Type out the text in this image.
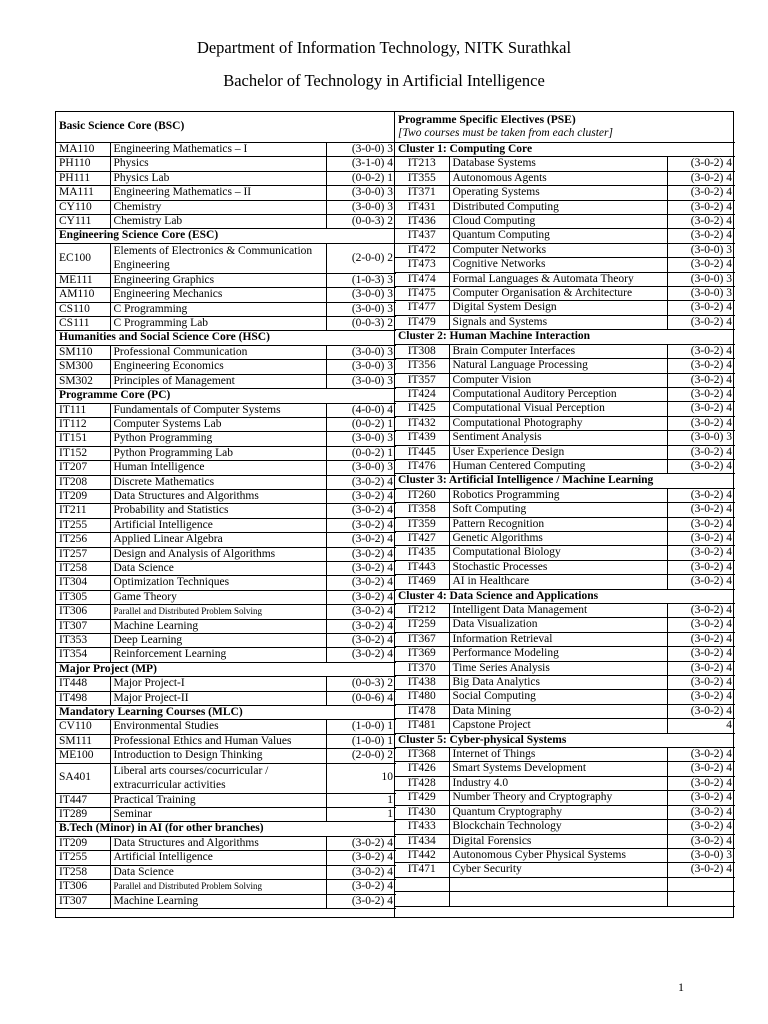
Department of Information Technology, NITK Surathkal
Bachelor of Technology in Artificial Intelligence
Basic Science Core (BSC)		
MA110	Engineering Mathematics – I	(3-0-0) 3
PH110	Physics	(3-1-0) 4
PH111	Physics Lab	(0-0-2) 1
MA111	Engineering Mathematics – II	(3-0-0) 3
CY110	Chemistry	(3-0-0) 3
CY111	Chemistry Lab	(0-0-3) 2
Engineering Science Core (ESC)		
EC100	Elements of Electronics & Communication Engineering	(2-0-0) 2
ME111	Engineering Graphics	(1-0-3) 3
AM110	Engineering Mechanics	(3-0-0) 3
CS110	C Programming	(3-0-0) 3
CS111	C Programming Lab	(0-0-3) 2
Humanities and Social Science Core (HSC)		
SM110	Professional Communication	(3-0-0) 3
SM300	Engineering Economics	(3-0-0) 3
SM302	Principles of Management	(3-0-0) 3
Programme Core (PC)		
IT111	Fundamentals of Computer Systems	(4-0-0) 4
IT112	Computer Systems Lab	(0-0-2) 1
IT151	Python Programming	(3-0-0) 3
IT152	Python Programming Lab	(0-0-2) 1
IT207	Human Intelligence	(3-0-0) 3
IT208	Discrete Mathematics	(3-0-2) 4
IT209	Data Structures and Algorithms	(3-0-2) 4
IT211	Probability and Statistics	(3-0-2) 4
IT255	Artificial Intelligence	(3-0-2) 4
IT256	Applied Linear Algebra	(3-0-2) 4
IT257	Design and Analysis of Algorithms	(3-0-2) 4
IT258	Data Science	(3-0-2) 4
IT304	Optimization Techniques	(3-0-2) 4
IT305	Game Theory	(3-0-2) 4
IT306	Parallel and Distributed Problem Solving	(3-0-2) 4
IT307	Machine Learning	(3-0-2) 4
IT353	Deep Learning	(3-0-2) 4
IT354	Reinforcement Learning	(3-0-2) 4
Major Project (MP)		
IT448	Major Project-I	(0-0-3) 2
IT498	Major Project-II	(0-0-6) 4
Mandatory Learning Courses (MLC)		
CV110	Environmental Studies	(1-0-0) 1
SM111	Professional Ethics and Human Values	(1-0-0) 1
ME100	Introduction to Design Thinking	(2-0-0) 2
SA401	Liberal arts courses/cocurricular / extracurricular activities	10
IT447	Practical Training	1
IT289	Seminar	1
B.Tech (Minor) in AI (for other branches)		
IT209	Data Structures and Algorithms	(3-0-2) 4
IT255	Artificial Intelligence	(3-0-2) 4
IT258	Data Science	(3-0-2) 4
IT306	Parallel and Distributed Problem Solving	(3-0-2) 4
IT307	Machine Learning	(3-0-2) 4
Programme Specific Electives (PSE)
[Two courses must be taken from each cluster]		

Cluster 1: Computing Core		
IT213	Database Systems	(3-0-2) 4
IT355	Autonomous Agents	(3-0-2) 4
IT371	Operating Systems	(3-0-2) 4
IT431	Distributed Computing	(3-0-2) 4
IT436	Cloud Computing	(3-0-2) 4
IT437	Quantum Computing	(3-0-2) 4
IT472	Computer Networks	(3-0-0) 3
IT473	Cognitive Networks	(3-0-2) 4
IT474	Formal Languages & Automata Theory	(3-0-0) 3
IT475	Computer Organisation & Architecture	(3-0-0) 3
IT477	Digital System Design	(3-0-2) 4
IT479	Signals and Systems	(3-0-2) 4
Cluster 2: Human Machine Interaction		
IT308	Brain Computer Interfaces	(3-0-2) 4
IT356	Natural Language Processing	(3-0-2) 4
IT357	Computer Vision	(3-0-2) 4
IT424	Computational Auditory Perception	(3-0-2) 4
IT425	Computational Visual Perception	(3-0-2) 4
IT432	Computational Photography	(3-0-2) 4
IT439	Sentiment Analysis	(3-0-0) 3
IT445	User Experience Design	(3-0-2) 4
IT476	Human Centered Computing	(3-0-2) 4
Cluster 3: Artificial Intelligence / Machine Learning		
IT260	Robotics Programming	(3-0-2) 4
IT358	Soft Computing	(3-0-2) 4
IT359	Pattern Recognition	(3-0-2) 4
IT427	Genetic Algorithms	(3-0-2) 4
IT435	Computational Biology	(3-0-2) 4
IT443	Stochastic Processes	(3-0-2) 4
IT469	AI in Healthcare	(3-0-2) 4
Cluster 4: Data Science and Applications		
IT212	Intelligent Data Management	(3-0-2) 4
IT259	Data Visualization	(3-0-2) 4
IT367	Information Retrieval	(3-0-2) 4
IT369	Performance Modeling	(3-0-2) 4
IT370	Time Series Analysis	(3-0-2) 4
IT438	Big Data Analytics	(3-0-2) 4
IT480	Social Computing	(3-0-2) 4
IT478	Data Mining	(3-0-2) 4
IT481	Capstone Project	4
Cluster 5: Cyber-physical Systems		
IT368	Internet of Things	(3-0-2) 4
IT426	Smart Systems Development	(3-0-2) 4
IT428	Industry 4.0	(3-0-2) 4
IT429	Number Theory and Cryptography	(3-0-2) 4
IT430	Quantum Cryptography	(3-0-2) 4
IT433	Blockchain Technology	(3-0-2) 4
IT434	Digital Forensics	(3-0-2) 4
IT442	Autonomous Cyber Physical Systems	(3-0-0) 3
IT471	Cyber Security	(3-0-2) 4

1
